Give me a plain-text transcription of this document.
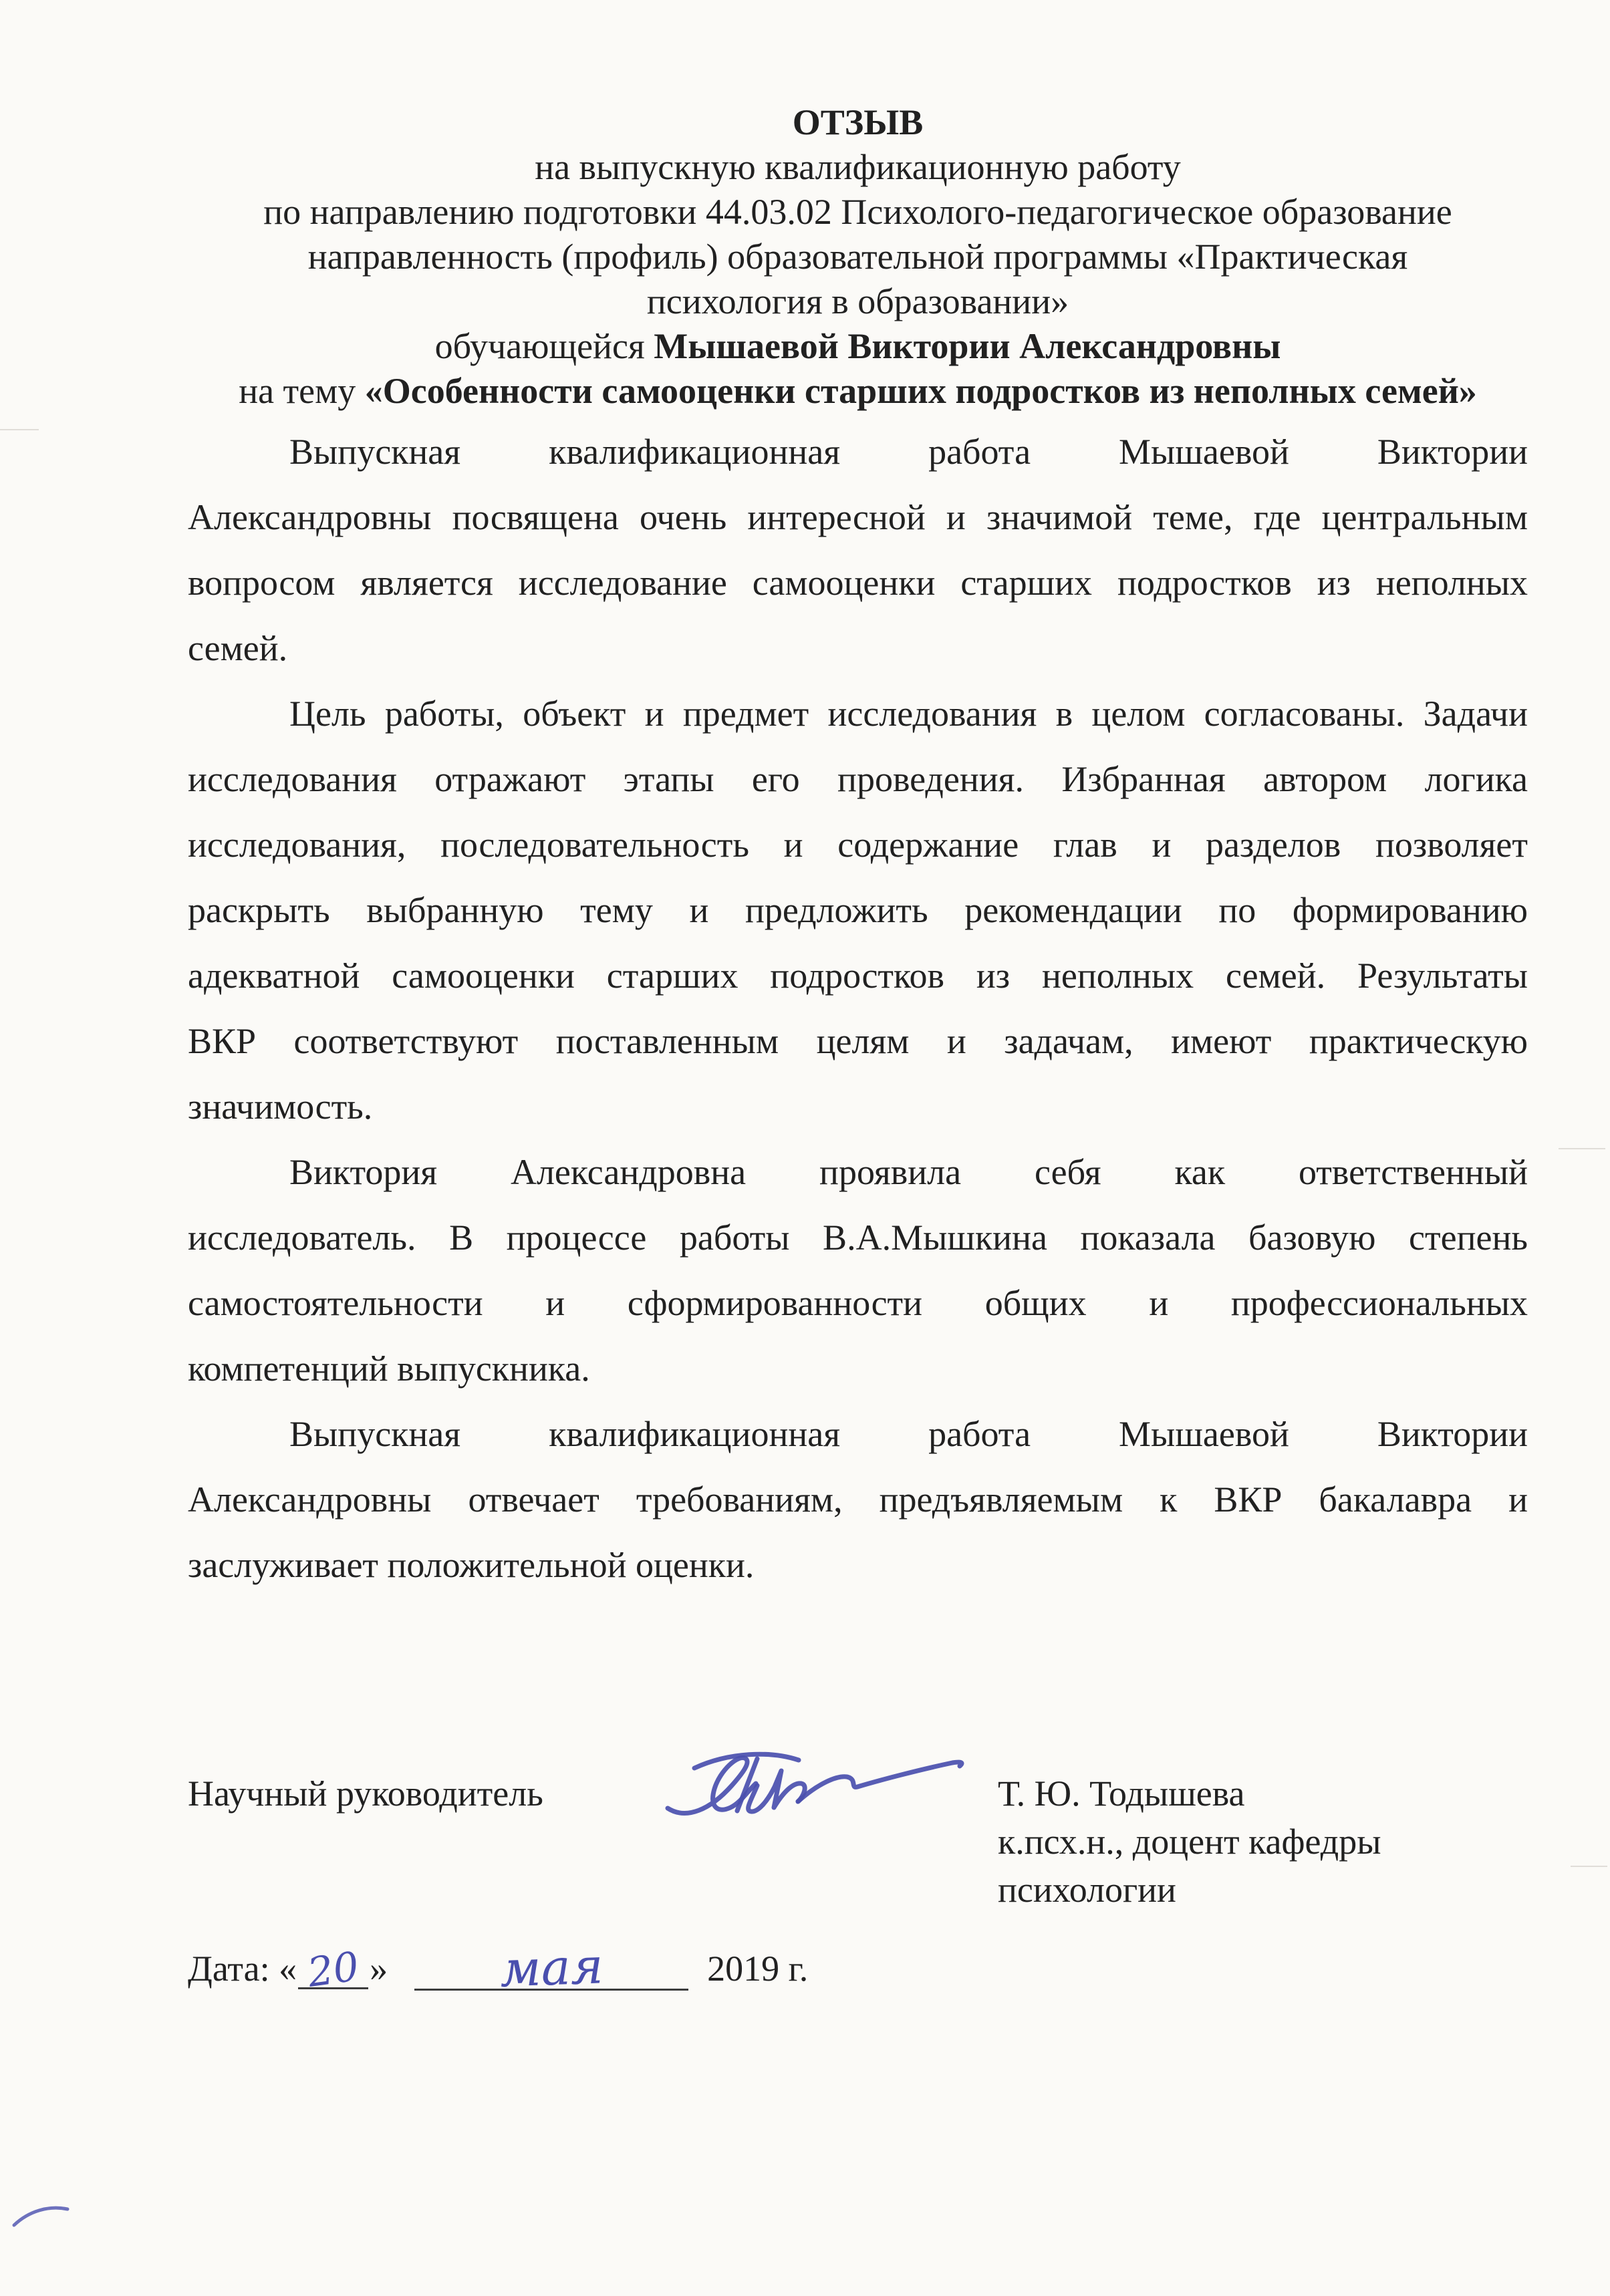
ОТЗЫВ
на выпускную квалификационную работу
по направлению подготовки 44.03.02 Психолого-педагогическое образование
направленность (профиль) образовательной программы «Практическая
психология в образовании»
обучающейся Мышаевой Виктории Александровны
на тему «Особенности самооценки старших подростков из неполных семей»
Выпускная квалификационная работа Мышаевой Виктории
Александровны посвящена очень интересной и значимой теме, где центральным
вопросом является исследование самооценки старших подростков из неполных
семей.
Цель работы, объект и предмет исследования в целом согласованы. Задачи
исследования отражают этапы его проведения. Избранная автором логика
исследования, последовательность и содержание глав и разделов позволяет
раскрыть выбранную тему и предложить рекомендации по формированию
адекватной самооценки старших подростков из неполных семей. Результаты
ВКР соответствуют поставленным целям и задачам, имеют практическую
значимость.
Виктория Александровна проявила себя как ответственный
исследователь. В процессе работы В.А.Мышкина показала базовую степень
самостоятельности и сформированности общих и профессиональных
компетенций выпускника.
Выпускная квалификационная работа Мышаевой Виктории
Александровны отвечает требованиям, предъявляемым к ВКР бакалавра и
заслуживает положительной оценки.
Научный руководитель	Т. Ю. Тодышева
к.псх.н., доцент кафедры
психологии
Дата: « 20 » мая	2019 г.
